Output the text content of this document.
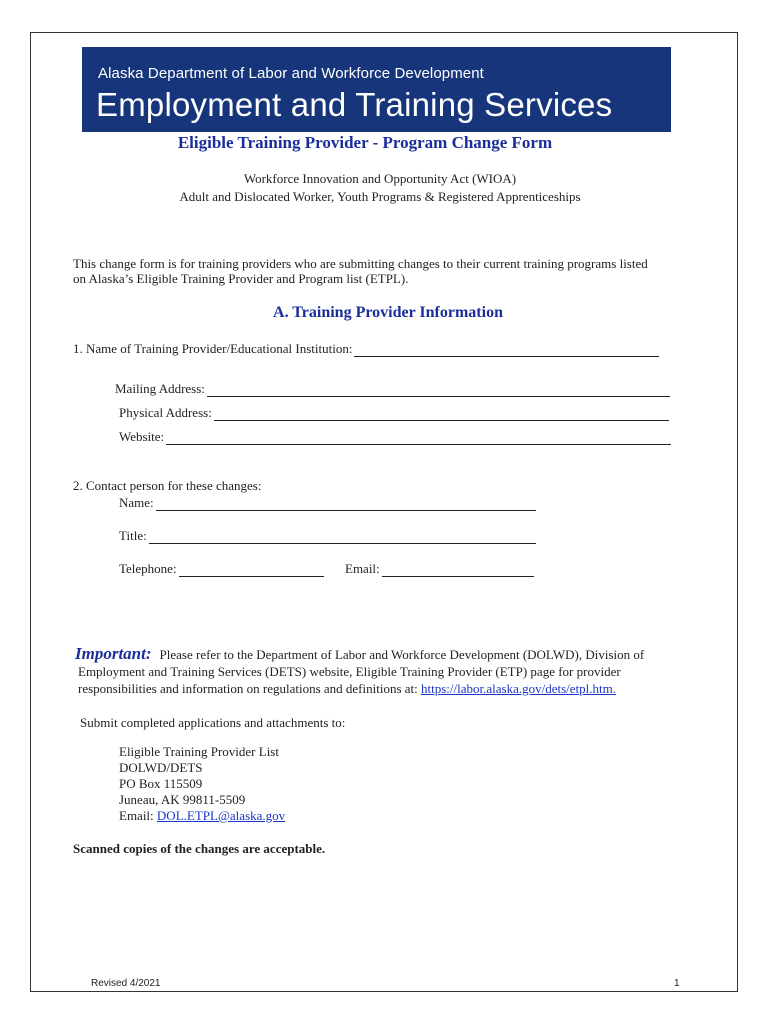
Alaska Department of Labor and Workforce Development
Employment and Training Services
Eligible Training Provider - Program Change Form
Workforce Innovation and Opportunity Act (WIOA)
Adult and Dislocated Worker, Youth Programs & Registered Apprenticeships
This change form is for training providers who are submitting changes to their current training programs listed
on Alaska’s Eligible Training Provider and Program list (ETPL).
A. Training Provider Information
1. Name of Training Provider/Educational Institution:
Mailing Address:
Physical Address:
Website:
2. Contact person for these changes:
Name:
Title:
Telephone:	Email:
Important: Please refer to the Department of Labor and Workforce Development (DOLWD), Division of
Employment and Training Services (DETS) website, Eligible Training Provider (ETP) page for provider
responsibilities and information on regulations and definitions at: https://labor.alaska.gov/dets/etpl.htm.
Submit completed applications and attachments to:
Eligible Training Provider List
DOLWD/DETS
PO Box 115509
Juneau, AK 99811-5509
Email: DOL.ETPL@alaska.gov
Scanned copies of the changes are acceptable.
Revised 4/2021	1
